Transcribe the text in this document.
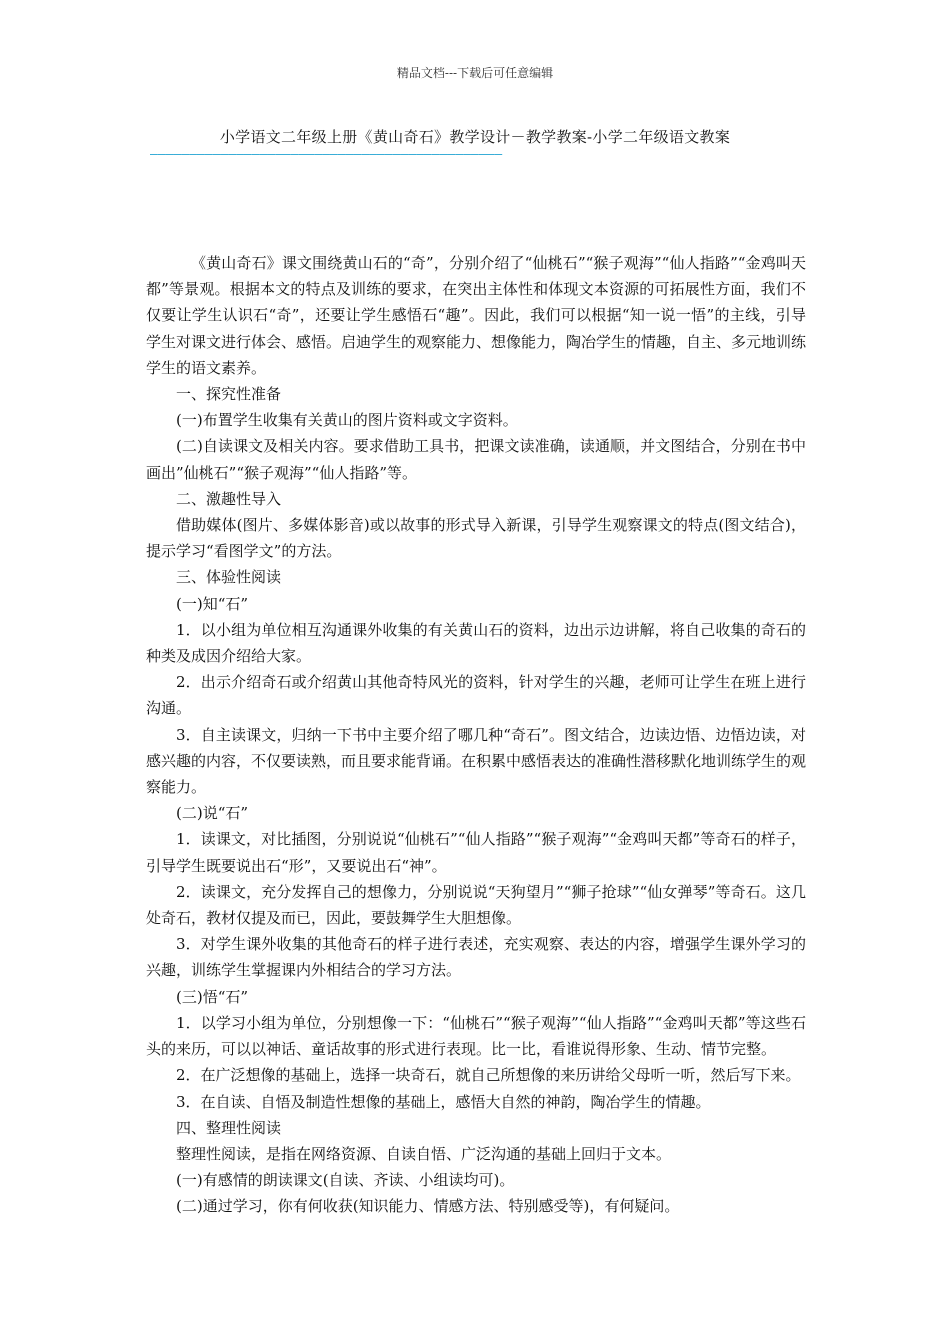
精品文档---下载后可任意编辑
小学语文二年级上册《黄山奇石》教学设计－教学教案-小学二年级语文教案
—————————————————————————————————————————————

《黄山奇石》课文围绕黄山石的“奇”，分别介绍了“仙桃石”“猴子观海”“仙人指路”“金鸡叫天都”等景观。根据本文的特点及训练的要求，在突出主体性和体现文本资源的可拓展性方面，我们不仅要让学生认识石“奇”，还要让学生感悟石“趣”。因此，我们可以根据“知一说一悟”的主线，引导学生对课文进行体会、感悟。启迪学生的观察能力、想像能力，陶冶学生的情趣，自主、多元地训练学生的语文素养。

一、探究性准备

(一)布置学生收集有关黄山的图片资料或文字资料。

(二)自读课文及相关内容。要求借助工具书，把课文读准确，读通顺，并文图结合，分别在书中画出”仙桃石”“猴子观海”“仙人指路”等。

二、激趣性导入

借助媒体(图片、多媒体影音)或以故事的形式导入新课，引导学生观察课文的特点(图文结合)，提示学习“看图学文”的方法。

三、体验性阅读

(一)知“石”

1．以小组为单位相互沟通课外收集的有关黄山石的资料，边出示边讲解，将自己收集的奇石的种类及成因介绍给大家。

2．出示介绍奇石或介绍黄山其他奇特风光的资料，针对学生的兴趣，老师可让学生在班上进行沟通。

3．自主读课文，归纳一下书中主要介绍了哪几种“奇石”。图文结合，边读边悟、边悟边读，对感兴趣的内容，不仅要读熟，而且要求能背诵。在积累中感悟表达的准确性潜移默化地训练学生的观察能力。

(二)说“石”

1．读课文，对比插图，分别说说“仙桃石”“仙人指路”“猴子观海”“金鸡叫天都”等奇石的样子，引导学生既要说出石“形”，又要说出石“神”。

2．读课文，充分发挥自己的想像力，分别说说“天狗望月”“狮子抢球”“仙女弹琴”等奇石。这几处奇石，教材仅提及而已，因此，要鼓舞学生大胆想像。

3．对学生课外收集的其他奇石的样子进行表述，充实观察、表达的内容，增强学生课外学习的兴趣，训练学生掌握课内外相结合的学习方法。

(三)悟“石”

1．以学习小组为单位，分别想像一下：“仙桃石”“猴子观海”“仙人指路”“金鸡叫天都”等这些石头的来历，可以以神话、童话故事的形式进行表现。比一比，看谁说得形象、生动、情节完整。

2．在广泛想像的基础上，选择一块奇石，就自己所想像的来历讲给父母听一听，然后写下来。

3．在自读、自悟及制造性想像的基础上，感悟大自然的神韵，陶冶学生的情趣。

四、整理性阅读

整理性阅读，是指在网络资源、自读自悟、广泛沟通的基础上回归于文本。

(一)有感情的朗读课文(自读、齐读、小组读均可)。

(二)通过学习，你有何收获(知识能力、情感方法、特别感受等)，有何疑问。
